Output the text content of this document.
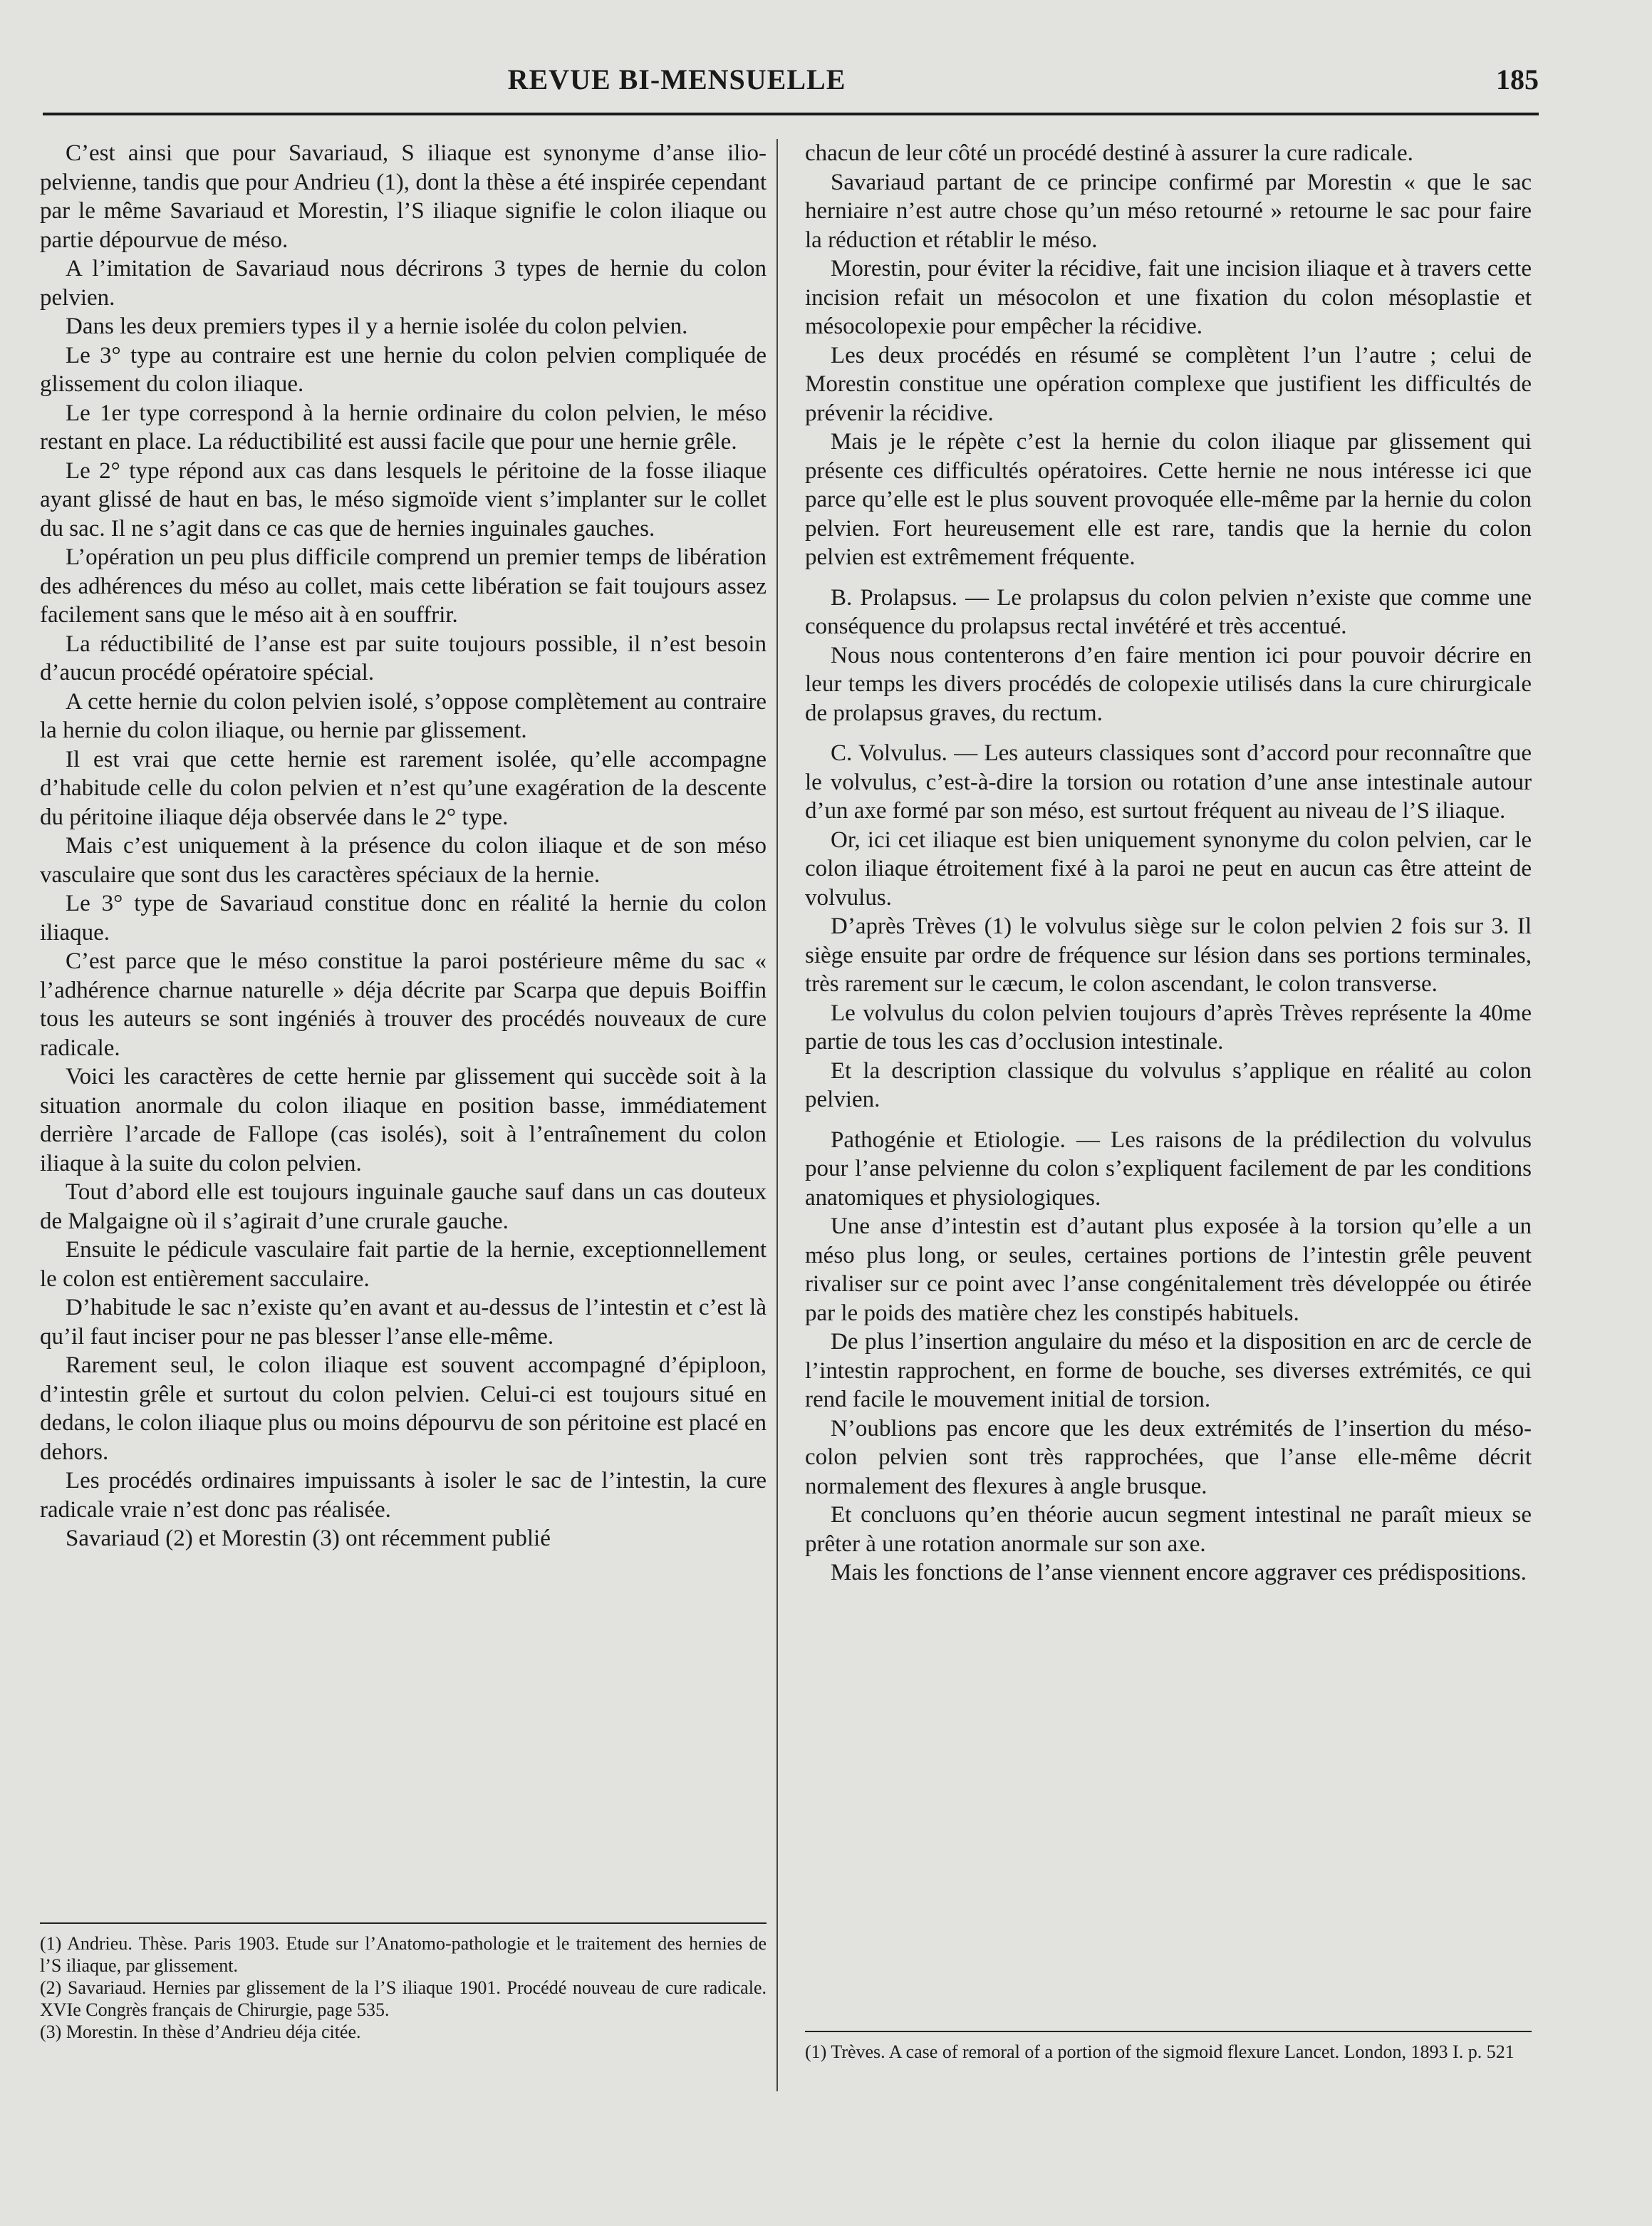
REVUE BI-MENSUELLE	185

C’est ainsi que pour Savariaud, S iliaque est synonyme d’anse ilio-pelvienne, tandis que pour Andrieu (1), dont la thèse a été inspirée cependant par le même Savariaud et Morestin, l’S iliaque signifie le colon iliaque ou partie dépourvue de méso.

A l’imitation de Savariaud nous décrirons 3 types de hernie du colon pelvien.

Dans les deux premiers types il y a hernie isolée du colon pelvien.

Le 3° type au contraire est une hernie du colon pelvien compliquée de glissement du colon iliaque.

Le 1er type correspond à la hernie ordinaire du colon pelvien, le méso restant en place. La réductibilité est aussi facile que pour une hernie grêle.

Le 2° type répond aux cas dans lesquels le péritoine de la fosse iliaque ayant glissé de haut en bas, le méso sigmoïde vient s’implanter sur le collet du sac. Il ne s’agit dans ce cas que de hernies inguinales gauches.

L’opération un peu plus difficile comprend un premier temps de libération des adhérences du méso au collet, mais cette libération se fait toujours assez facilement sans que le méso ait à en souffrir.

La réductibilité de l’anse est par suite toujours possible, il n’est besoin d’aucun procédé opératoire spécial.

A cette hernie du colon pelvien isolé, s’oppose complètement au contraire la hernie du colon iliaque, ou hernie par glissement.

Il est vrai que cette hernie est rarement isolée, qu’elle accompagne d’habitude celle du colon pelvien et n’est qu’une exagération de la descente du péritoine iliaque déja observée dans le 2° type.

Mais c’est uniquement à la présence du colon iliaque et de son méso vasculaire que sont dus les caractères spéciaux de la hernie.

Le 3° type de Savariaud constitue donc en réalité la hernie du colon iliaque.

C’est parce que le méso constitue la paroi postérieure même du sac « l’adhérence charnue naturelle » déja décrite par Scarpa que depuis Boiffin tous les auteurs se sont ingéniés à trouver des procédés nouveaux de cure radicale.

Voici les caractères de cette hernie par glissement qui succède soit à la situation anormale du colon iliaque en position basse, immédiatement derrière l’arcade de Fallope (cas isolés), soit à l’entraînement du colon iliaque à la suite du colon pelvien.

Tout d’abord elle est toujours inguinale gauche sauf dans un cas douteux de Malgaigne où il s’agirait d’une crurale gauche.

Ensuite le pédicule vasculaire fait partie de la hernie, exceptionnellement le colon est entièrement sacculaire.

D’habitude le sac n’existe qu’en avant et au-dessus de l’intestin et c’est là qu’il faut inciser pour ne pas blesser l’anse elle-même.

Rarement seul, le colon iliaque est souvent accompagné d’épiploon, d’intestin grêle et surtout du colon pelvien. Celui-ci est toujours situé en dedans, le colon iliaque plus ou moins dépourvu de son péritoine est placé en dehors.

Les procédés ordinaires impuissants à isoler le sac de l’intestin, la cure radicale vraie n’est donc pas réalisée.

Savariaud (2) et Morestin (3) ont récemment publié

chacun de leur côté un procédé destiné à assurer la cure radicale.

Savariaud partant de ce principe confirmé par Morestin « que le sac herniaire n’est autre chose qu’un méso retourné » retourne le sac pour faire la réduction et rétablir le méso.

Morestin, pour éviter la récidive, fait une incision iliaque et à travers cette incision refait un mésocolon et une fixation du colon mésoplastie et mésocolopexie pour empêcher la récidive.

Les deux procédés en résumé se complètent l’un l’autre ; celui de Morestin constitue une opération complexe que justifient les difficultés de prévenir la récidive.

Mais je le répète c’est la hernie du colon iliaque par glissement qui présente ces difficultés opératoires. Cette hernie ne nous intéresse ici que parce qu’elle est le plus souvent provoquée elle-même par la hernie du colon pelvien. Fort heureusement elle est rare, tandis que la hernie du colon pelvien est extrêmement fréquente.

B. Prolapsus. — Le prolapsus du colon pelvien n’existe que comme une conséquence du prolapsus rectal invétéré et très accentué.

Nous nous contenterons d’en faire mention ici pour pouvoir décrire en leur temps les divers procédés de colopexie utilisés dans la cure chirurgicale de prolapsus graves, du rectum.

C. Volvulus. — Les auteurs classiques sont d’accord pour reconnaître que le volvulus, c’est-à-dire la torsion ou rotation d’une anse intestinale autour d’un axe formé par son méso, est surtout fréquent au niveau de l’S iliaque.

Or, ici cet iliaque est bien uniquement synonyme du colon pelvien, car le colon iliaque étroitement fixé à la paroi ne peut en aucun cas être atteint de volvulus.

D’après Trèves (1) le volvulus siège sur le colon pelvien 2 fois sur 3. Il siège ensuite par ordre de fréquence sur lésion dans ses portions terminales, très rarement sur le cæcum, le colon ascendant, le colon transverse.

Le volvulus du colon pelvien toujours d’après Trèves représente la 40me partie de tous les cas d’occlusion intestinale.

Et la description classique du volvulus s’applique en réalité au colon pelvien.

Pathogénie et Etiologie. — Les raisons de la prédilection du volvulus pour l’anse pelvienne du colon s’expliquent facilement de par les conditions anatomiques et physiologiques.

Une anse d’intestin est d’autant plus exposée à la torsion qu’elle a un méso plus long, or seules, certaines portions de l’intestin grêle peuvent rivaliser sur ce point avec l’anse congénitalement très développée ou étirée par le poids des matière chez les constipés habituels.

De plus l’insertion angulaire du méso et la disposition en arc de cercle de l’intestin rapprochent, en forme de bouche, ses diverses extrémités, ce qui rend facile le mouvement initial de torsion.

N’oublions pas encore que les deux extrémités de l’insertion du méso-colon pelvien sont très rapprochées, que l’anse elle-même décrit normalement des flexures à angle brusque.

Et concluons qu’en théorie aucun segment intestinal ne paraît mieux se prêter à une rotation anormale sur son axe.

Mais les fonctions de l’anse viennent encore aggraver ces prédispositions.

(1) Andrieu. Thèse. Paris 1903. Etude sur l’Anatomo-pathologie et le traitement des hernies de l’S iliaque, par glissement.

(2) Savariaud. Hernies par glissement de la l’S iliaque 1901. Procédé nouveau de cure radicale. XVIe Congrès français de Chirurgie, page 535.

(3) Morestin. In thèse d’Andrieu déja citée.

(1) Trèves. A case of remoral of a portion of the sigmoid flexure Lancet. London, 1893 I. p. 521
